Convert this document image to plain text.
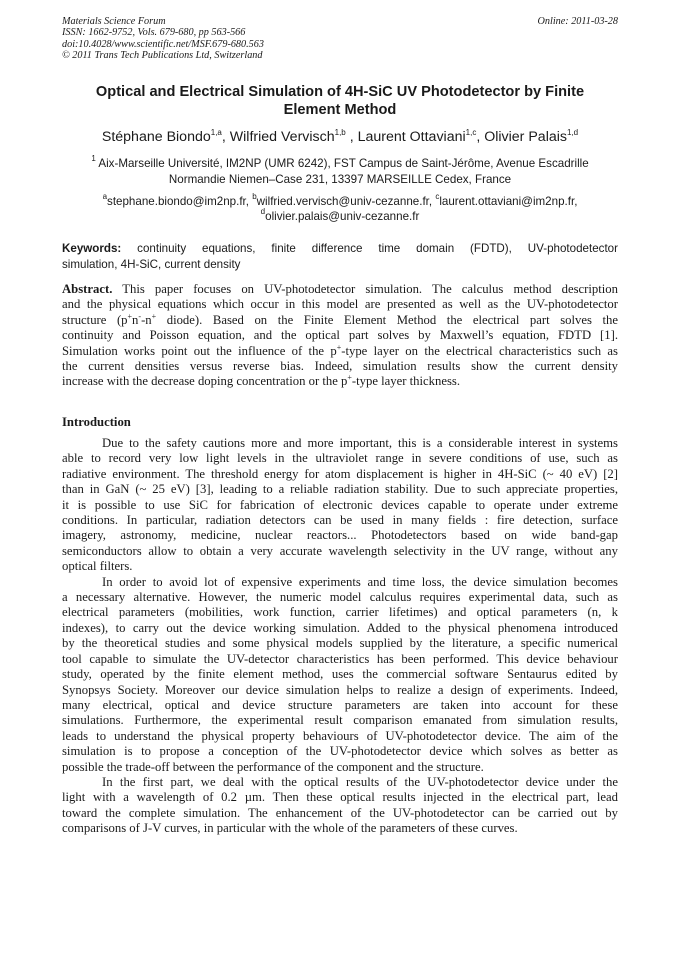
Materials Science Forum
ISSN: 1662-9752, Vols. 679-680, pp 563-566
doi:10.4028/www.scientific.net/MSF.679-680.563
© 2011 Trans Tech Publications Ltd, Switzerland
Online: 2011-03-28
Optical and Electrical Simulation of 4H-SiC UV Photodetector by Finite
Element Method
Stéphane Biondo$^{1,a}$, Wilfried Vervisch$^{1,b}$ , Laurent Ottaviani$^{1,c}$, Olivier Palais$^{1,d}$
$^1$ Aix-Marseille Université, IM2NP (UMR 6242), FST Campus de Saint-Jérôme, Avenue Escadrille
Normandie Niemen–Case 231, 13397 MARSEILLE Cedex, France
$^a$stephane.biondo@im2np.fr, $^b$wilfried.vervisch@univ-cezanne.fr, $^c$laurent.ottaviani@im2np.fr,
$^d$olivier.palais@univ-cezanne.fr
Keywords: continuity equations, finite difference time domain (FDTD), UV-photodetector
simulation, 4H-SiC, current density
Abstract. This paper focuses on UV-photodetector simulation. The calculus method description
and the physical equations which occur in this model are presented as well as the UV-photodetector
structure (p+n--n+ diode). Based on the Finite Element Method the electrical part solves the
continuity and Poisson equation, and the optical part solves by Maxwell’s equation, FDTD [1].
Simulation works point out the influence of the p+-type layer on the electrical characteristics such as
the current densities versus reverse bias. Indeed, simulation results show the current density
increase with the decrease doping concentration or the p+-type layer thickness.
Introduction
Due to the safety cautions more and more important, this is a considerable interest in systems
able to record very low light levels in the ultraviolet range in severe conditions of use, such as
radiative environment. The threshold energy for atom displacement is higher in 4H-SiC (~ 40 eV) [2]
than in GaN (~ 25 eV) [3], leading to a reliable radiation stability. Due to such appreciate properties,
it is possible to use SiC for fabrication of electronic devices capable to operate under extreme
conditions. In particular, radiation detectors can be used in many fields : fire detection, surface
imagery, astronomy, medicine, nuclear reactors... Photodetectors based on wide band-gap
semiconductors allow to obtain a very accurate wavelength selectivity in the UV range, without any
optical filters.
In order to avoid lot of expensive experiments and time loss, the device simulation becomes
a necessary alternative. However, the numeric model calculus requires experimental data, such as
electrical parameters (mobilities, work function, carrier lifetimes) and optical parameters (n, k
indexes), to carry out the device working simulation. Added to the physical phenomena introduced
by the theoretical studies and some physical models supplied by the literature, a specific numerical
tool capable to simulate the UV-detector characteristics has been performed. This device behaviour
study, operated by the finite element method, uses the commercial software Sentaurus edited by
Synopsys Society. Moreover our device simulation helps to realize a design of experiments. Indeed,
many electrical, optical and device structure parameters are taken into account for these
simulations. Furthermore, the experimental result comparison emanated from simulation results,
leads to understand the physical property behaviours of UV-photodetector device. The aim of the
simulation is to propose a conception of the UV-photodetector device which solves as better as
possible the trade-off between the performance of the component and the structure.
In the first part, we deal with the optical results of the UV-photodetector device under the
light with a wavelength of 0.2 µm. Then these optical results injected in the electrical part, lead
toward the complete simulation. The enhancement of the UV-photodetector can be carried out by
comparisons of J-V curves, in particular with the whole of the parameters of these curves.
